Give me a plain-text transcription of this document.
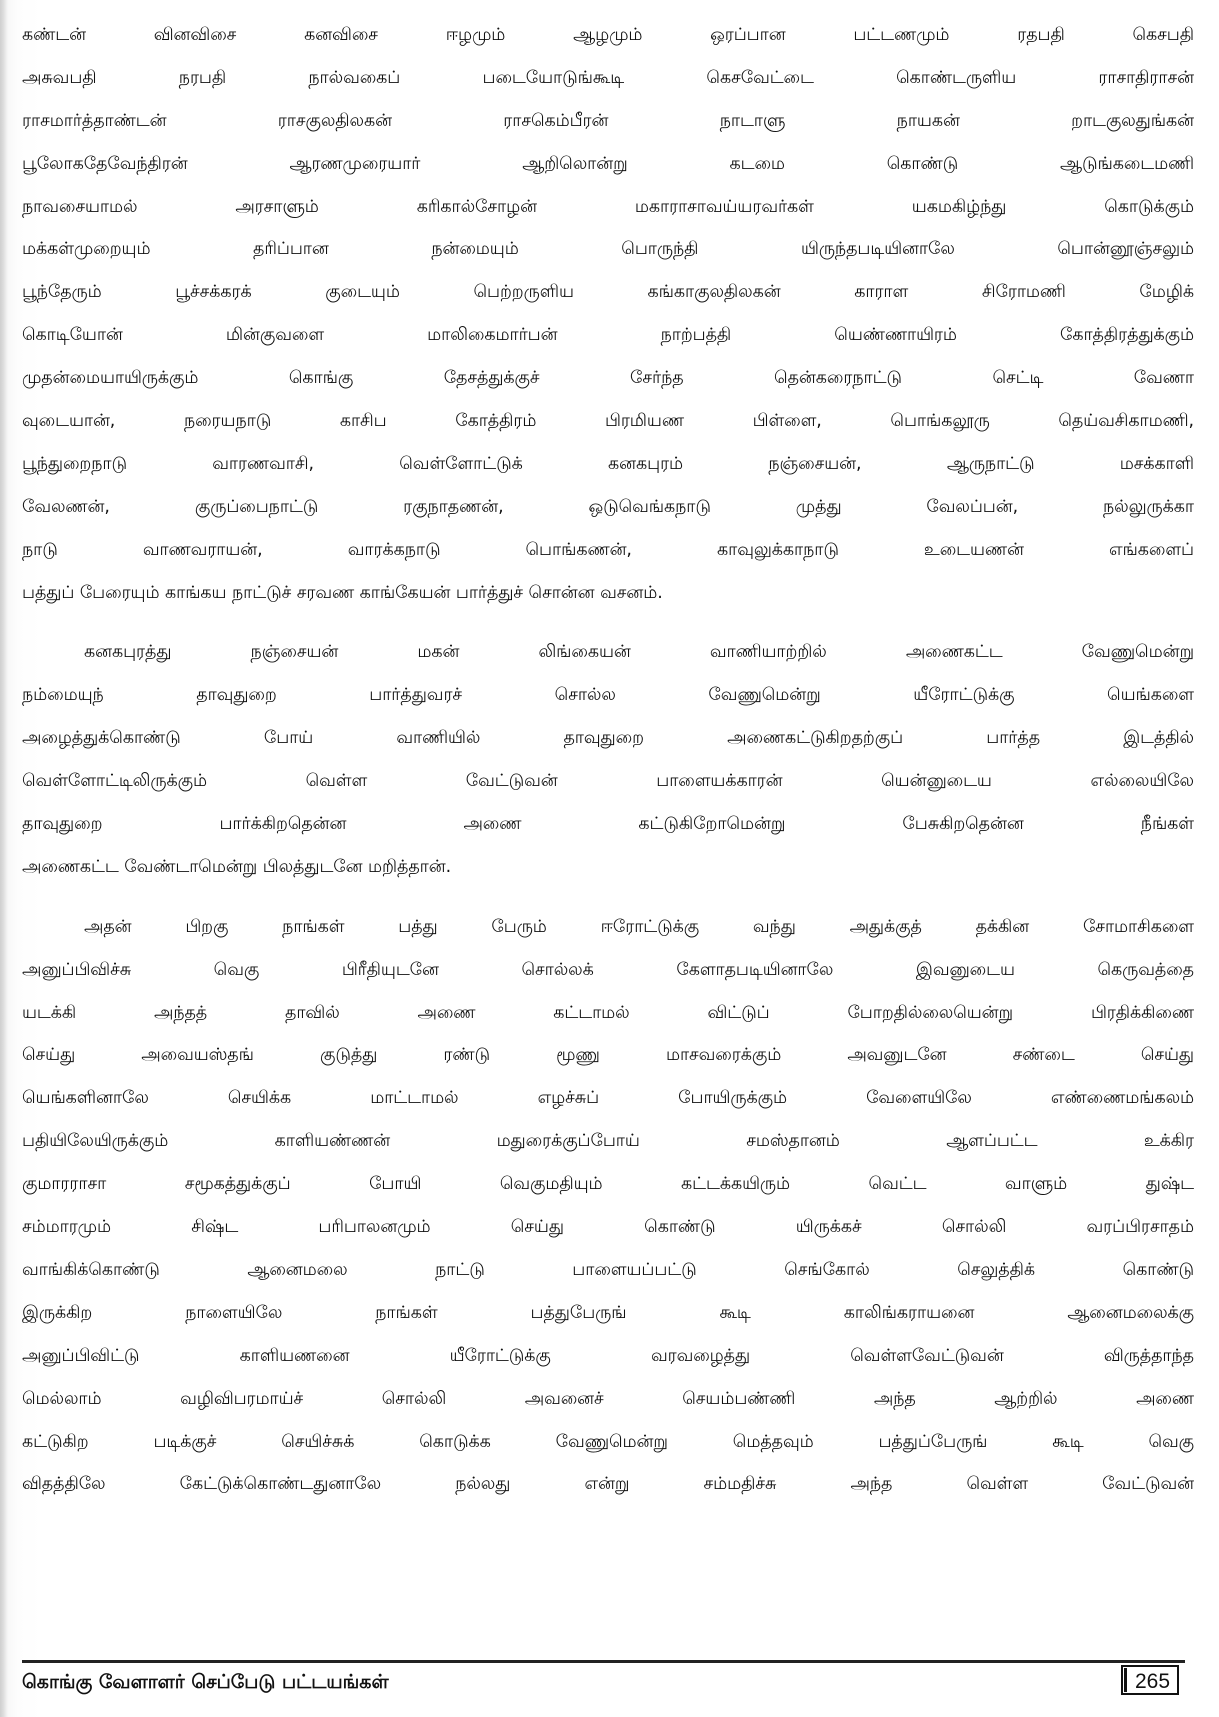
கண்டன் வினவிசை கனவிசை ஈழமும் ஆழமும் ஒரப்பான பட்டணமும் ரதபதி கெசபதி
அசுவபதி நரபதி நால்வகைப் படையோடுங்கூடி கெசவேட்டை கொண்டருளிய ராசாதிராசன்
ராசமார்த்தாண்டன் ராசகுலதிலகன் ராசகெம்பீரன் நாடாளு நாயகன் றாடகுலதுங்கன்
பூலோகதேவேந்திரன் ஆரணமுரையார் ஆறிலொன்று கடமை கொண்டு ஆடுங்கடைமணி
நாவசையாமல் அரசாளும் கரிகால்சோழன் மகாராசாவய்யரவர்கள் யகமகிழ்ந்து கொடுக்கும்
மக்கள்முறையும் தரிப்பான நன்மையும் பொருந்தி யிருந்தபடியினாலே பொன்னூஞ்சலும்
பூந்தேரும் பூச்சக்கரக் குடையும் பெற்றருளிய கங்காகுலதிலகன் காராள சிரோமணி மேழிக்
கொடியோன் மின்குவளை மாலிகைமார்பன் நாற்பத்தி யெண்ணாயிரம் கோத்திரத்துக்கும்
முதன்மையாயிருக்கும் கொங்கு தேசத்துக்குச் சேர்ந்த தென்கரைநாட்டு செட்டி வேணா
வுடையான், நரையநாடு காசிப கோத்திரம் பிரமியண பிள்ளை, பொங்கலூரு தெய்வசிகாமணி,
பூந்துறைநாடு வாரணவாசி, வெள்ளோட்டுக் கனகபுரம் நஞ்சையன், ஆருநாட்டு மசக்காளி
வேலணன், குருப்பைநாட்டு ரகுநாதணன், ஒடுவெங்கநாடு முத்து வேலப்பன், நல்லுருக்கா
நாடு வாணவராயன், வாரக்கநாடு பொங்கணன், காவுலுக்காநாடு உடையணன் எங்களைப்
பத்துப் பேரையும் காங்கய நாட்டுச் சரவண காங்கேயன் பார்த்துச் சொன்ன வசனம்.
கனகபுரத்து நஞ்சையன் மகன் லிங்கையன் வாணியாற்றில் அணைகட்ட வேணுமென்று
நம்மையுந் தாவுதுறை பார்த்துவரச் சொல்ல வேணுமென்று யீரோட்டுக்கு யெங்களை
அழைத்துக்கொண்டு போய் வாணியில் தாவுதுறை அணைகட்டுகிறதற்குப் பார்த்த இடத்தில்
வெள்ளோட்டிலிருக்கும் வெள்ள வேட்டுவன் பாளையக்காரன் யென்னுடைய எல்லையிலே
தாவுதுறை பார்க்கிறதென்ன அணை கட்டுகிறோமென்று பேசுகிறதென்ன நீங்கள்
அணைகட்ட வேண்டாமென்று பிலத்துடனே மறித்தான்.
அதன் பிறகு நாங்கள் பத்து பேரும் ஈரோட்டுக்கு வந்து அதுக்குத் தக்கின சோமாசிகளை
அனுப்பிவிச்சு வெகு பிரீதியுடனே சொல்லக் கேளாதபடியினாலே இவனுடைய கெருவத்தை
யடக்கி அந்தத் தாவில் அணை கட்டாமல் விட்டுப் போறதில்லையென்று பிரதிக்கிணை
செய்து அவையஸ்தங் குடுத்து ரண்டு மூணு மாசவரைக்கும் அவனுடனே சண்டை செய்து
யெங்களினாலே செயிக்க மாட்டாமல் எழச்சுப் போயிருக்கும் வேளையிலே எண்ணைமங்கலம்
பதியிலேயிருக்கும் காளியண்ணன் மதுரைக்குப்போய் சமஸ்தானம் ஆளப்பட்ட உக்கிர
குமாரராசா சமூகத்துக்குப் போயி வெகுமதியும் கட்டக்கயிரும் வெட்ட வாளும் துஷ்ட
சம்மாரமும் சிஷ்ட பரிபாலனமும் செய்து கொண்டு யிருக்கச் சொல்லி வரப்பிரசாதம்
வாங்கிக்கொண்டு ஆனைமலை நாட்டு பாளையப்பட்டு செங்கோல் செலுத்திக் கொண்டு
இருக்கிற நாளையிலே நாங்கள் பத்துபேருங் கூடி காலிங்கராயனை ஆனைமலைக்கு
அனுப்பிவிட்டு காளியணனை யீரோட்டுக்கு வரவழைத்து வெள்ளவேட்டுவன் விருத்தாந்த
மெல்லாம் வழிவிபரமாய்ச் சொல்லி அவனைச் செயம்பண்ணி அந்த ஆற்றில் அணை
கட்டுகிற படிக்குச் செயிச்சுக் கொடுக்க வேணுமென்று மெத்தவும் பத்துப்பேருங் கூடி வெகு
விதத்திலே கேட்டுக்கொண்டதுனாலே நல்லது என்று சம்மதிச்சு அந்த வெள்ள வேட்டுவன்
கொங்கு வேளாளர் செப்பேடு பட்டயங்கள்	265
